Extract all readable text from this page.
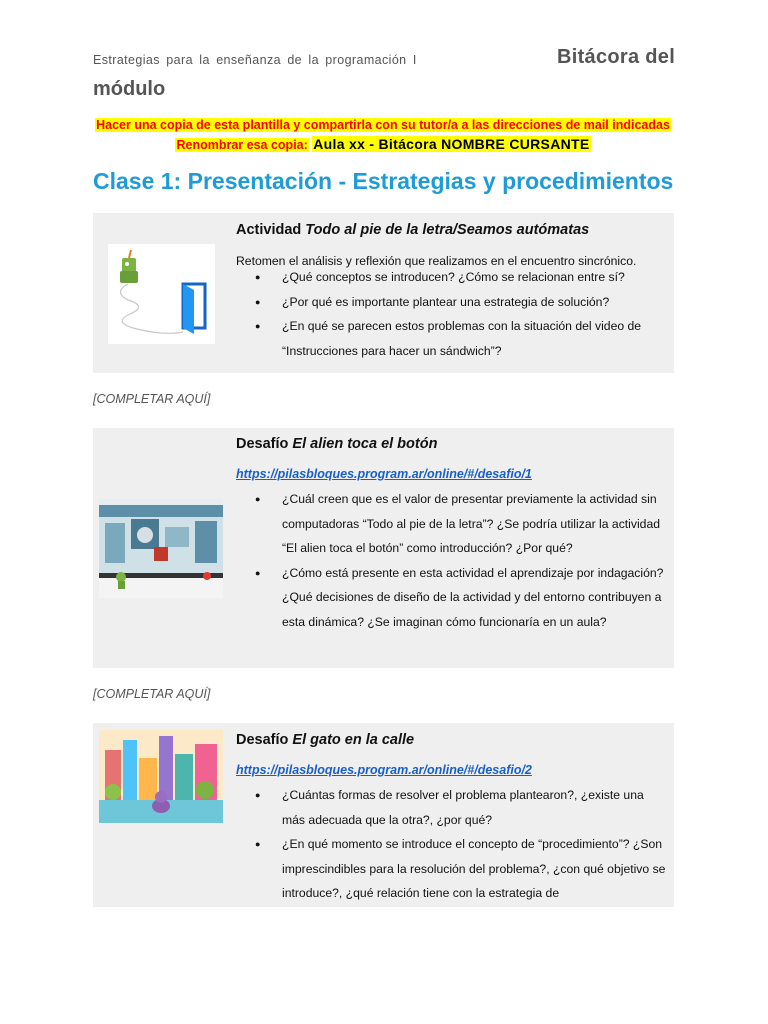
Estrategias para la enseñanza de la programación I	Bitácora del
módulo
Hacer una copia de esta plantilla y compartirla con su tutor/a a las direcciones de mail indicadas
Renombrar esa copia: Aula xx - Bitácora NOMBRE CURSANTE
Clase 1: Presentación - Estrategias y procedimientos
Actividad Todo al pie de la letra/Seamos autómatas
Retomen el análisis y reflexión que realizamos en el encuentro sincrónico.
● ¿Qué conceptos se introducen? ¿Cómo se relacionan entre sí?
● ¿Por qué es importante plantear una estrategia de solución?
● ¿En qué se parecen estos problemas con la situación del video de “Instrucciones para hacer un sándwich”?
[COMPLETAR AQUÍ]
Desafío El alien toca el botón
https://pilasbloques.program.ar/online/#/desafio/1
● ¿Cuál creen que es el valor de presentar previamente la actividad sin computadoras “Todo al pie de la letra”? ¿Se podría utilizar la actividad “El alien toca el botón” como introducción? ¿Por qué?
● ¿Cómo está presente en esta actividad el aprendizaje por indagación? ¿Qué decisiones de diseño de la actividad y del entorno contribuyen a esta dinámica? ¿Se imaginan cómo funcionaría en un aula?
[COMPLETAR AQUÍ]
Desafío El gato en la calle
https://pilasbloques.program.ar/online/#/desafio/2
● ¿Cuántas formas de resolver el problema plantearon?, ¿existe una más adecuada que la otra?, ¿por qué?
● ¿En qué momento se introduce el concepto de “procedimiento”? ¿Son imprescindibles para la resolución del problema?, ¿con qué objetivo se introduce?, ¿qué relación tiene con la estrategia de
